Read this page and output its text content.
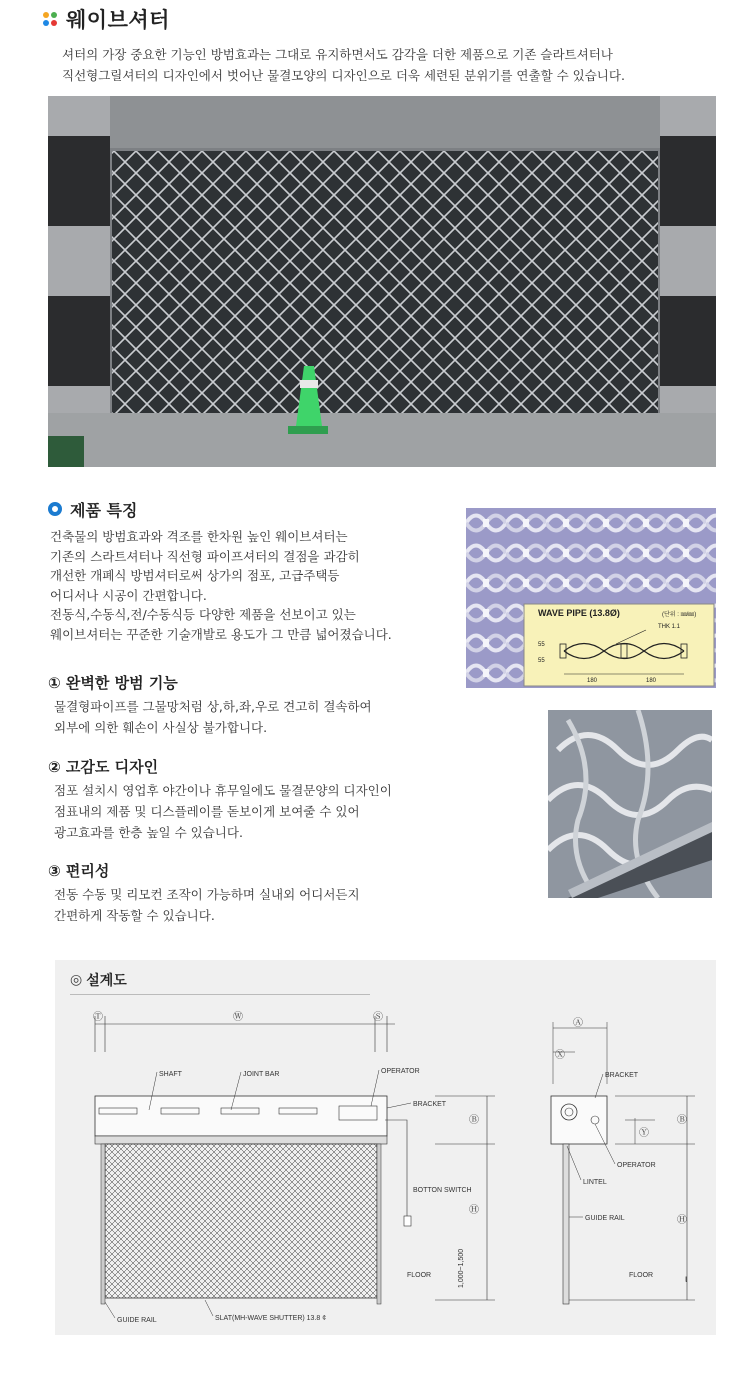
웨이브셔터

셔터의 가장 중요한 기능인 방범효과는 그대로 유지하면서도 감각을 더한 제품으로 기존 슬라트셔터나

직선형그릴셔터의 디자인에서 벗어난 물결모양의 디자인으로 더욱 세련된 분위기를 연출할 수 있습니다.

제품 특징

건축물의 방범효과와 격조를 한차원 높인 웨이브셔터는

기존의 스라트셔터나 직선형 파이프셔터의 결점을 과감히

개선한 개폐식 방범셔터로써 상가의 점포, 고급주택등

어디서나 시공이 간편합니다.

전동식,수동식,전/수동식등 다양한 제품을 선보이고 있는

웨이브셔터는 꾸준한 기술개발로 용도가 그 만큼 넓어졌습니다.

① 완벽한 방범 기능

물결형파이프를 그물망처럼 상,하,좌,우로 견고히 결속하여

외부에 의한 훼손이 사실상 불가합니다.

② 고감도 디자인

점포 설치시 영업후 야간이나 휴무일에도 물결문양의 디자인이

점표내의 제품 및 디스플레이를 돋보이게 보여줄 수 있어

광고효과를 한층 높일 수 있습니다.

③ 편리성

전동 수동 및 리모컨 조작이 가능하며 실내외 어디서든지

간편하게 작동할 수 있습니다.

WAVE PIPE (13.8Ø)	(단위 : ㎜/㎜)
THK 1.1
55
55
180	180
◎ 설계도
Ⓣ	Ⓦ	Ⓢ
SHAFT	JOINT BAR	OPERATOR
BRACKET
BOTTON SWITCH
Ⓑ
Ⓗ
FLOOR	1,000~1,500
GUIDE RAIL	SLAT(MH-WAVE SHUTTER) 13.8 ¢
Ⓐ
Ⓧ
BRACKET
OPERATOR
LINTEL
GUIDE RAIL
Ⓨ
Ⓑ
Ⓗ
FLOOR	ι
